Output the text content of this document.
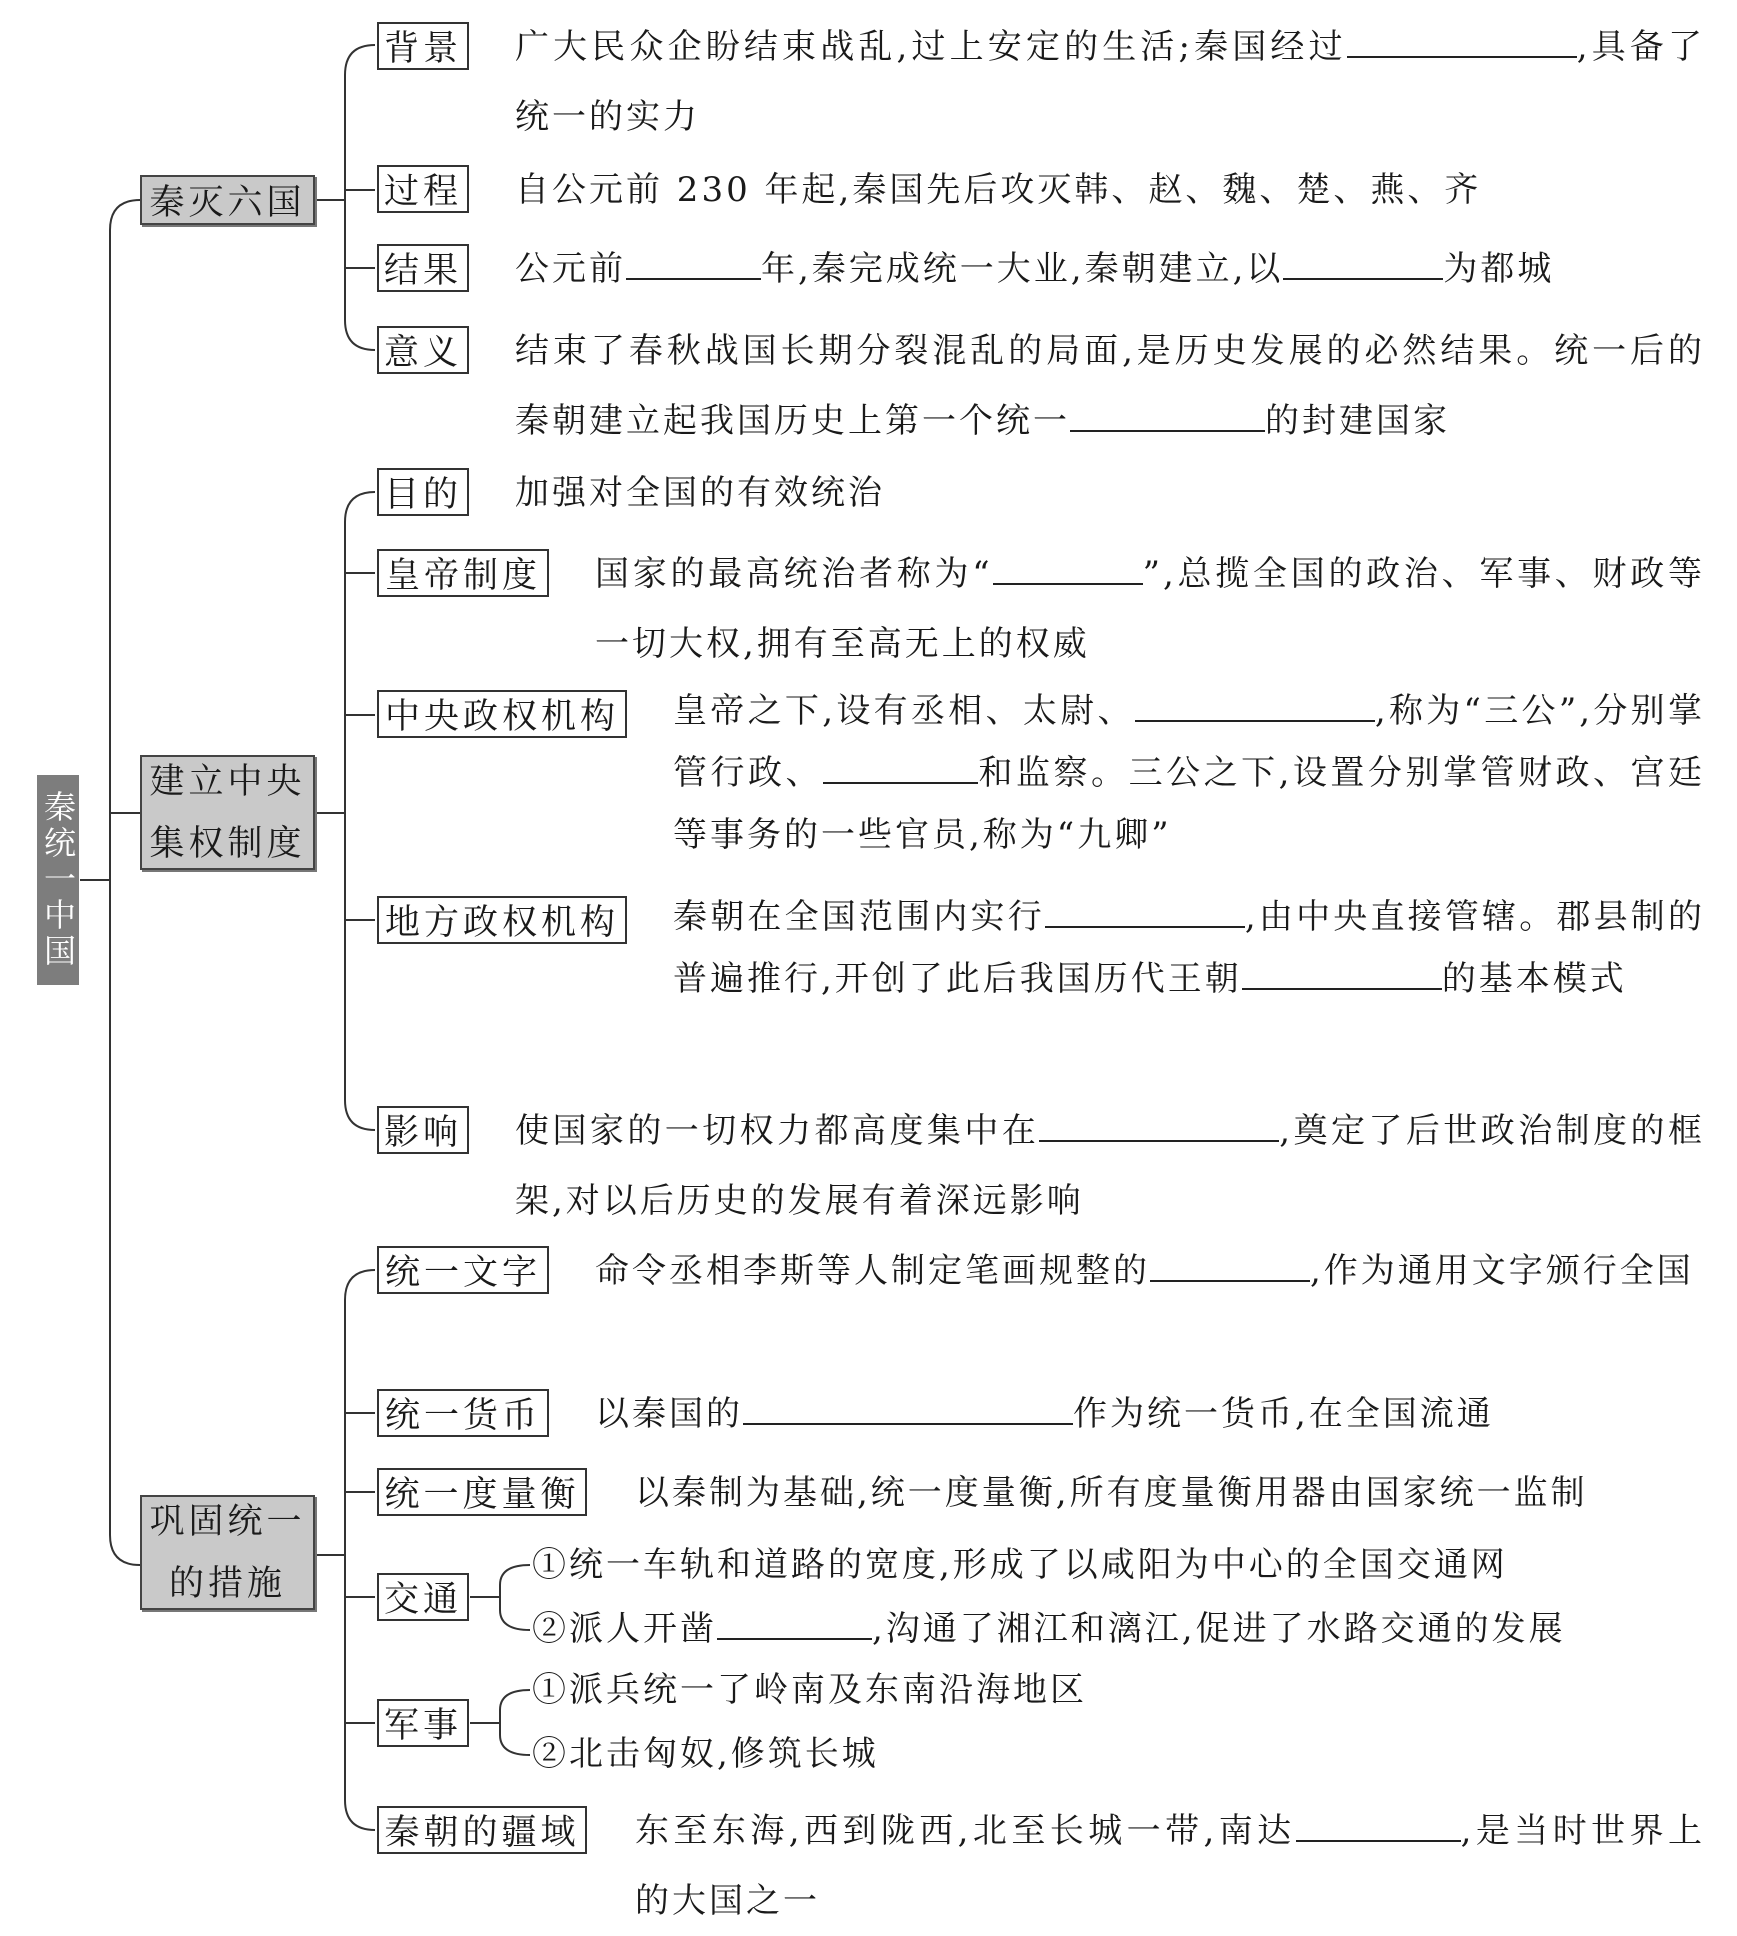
秦统一中国
秦灭六国
建立中央
集权制度
巩固统一
的措施
背景 广大民众企盼结束战乱,过上安定的生活;秦国经过	,具备了统一的实力
过程 自公元前 230 年起,秦国先后攻灭韩、赵、魏、楚、燕、齐
结果 公元前	年,秦完成统一大业,秦朝建立,以	为都城
意义 结束了春秋战国长期分裂混乱的局面,是历史发展的必然结果。统一后的秦朝建立起我国历史上第一个统一	的封建国家
目的 加强对全国的有效统治
皇帝制度 国家的最高统治者称为“	”,总揽全国的政治、军事、财政等一切大权,拥有至高无上的权威
中央政权机构 皇帝之下,设有丞相、太尉、	,称为“三公”,分别掌管行政、	和监察。三公之下,设置分别掌管财政、宫廷等事务的一些官员,称为“九卿”
地方政权机构 秦朝在全国范围内实行	,由中央直接管辖。郡县制的普遍推行,开创了此后我国历代王朝	的基本模式
影响 使国家的一切权力都高度集中在	,奠定了后世政治制度的框架,对以后历史的发展有着深远影响
统一文字 命令丞相李斯等人制定笔画规整的	,作为通用文字颁行全国
统一货币 以秦国的	作为统一货币,在全国流通
统一度量衡 以秦制为基础,统一度量衡,所有度量衡用器由国家统一监制
交通
①统一车轨和道路的宽度,形成了以咸阳为中心的全国交通网
②派人开凿	,沟通了湘江和漓江,促进了水路交通的发展
军事
①派兵统一了岭南及东南沿海地区
②北击匈奴,修筑长城
秦朝的疆域 东至东海,西到陇西,北至长城一带,南达	,是当时世界上的大国之一
